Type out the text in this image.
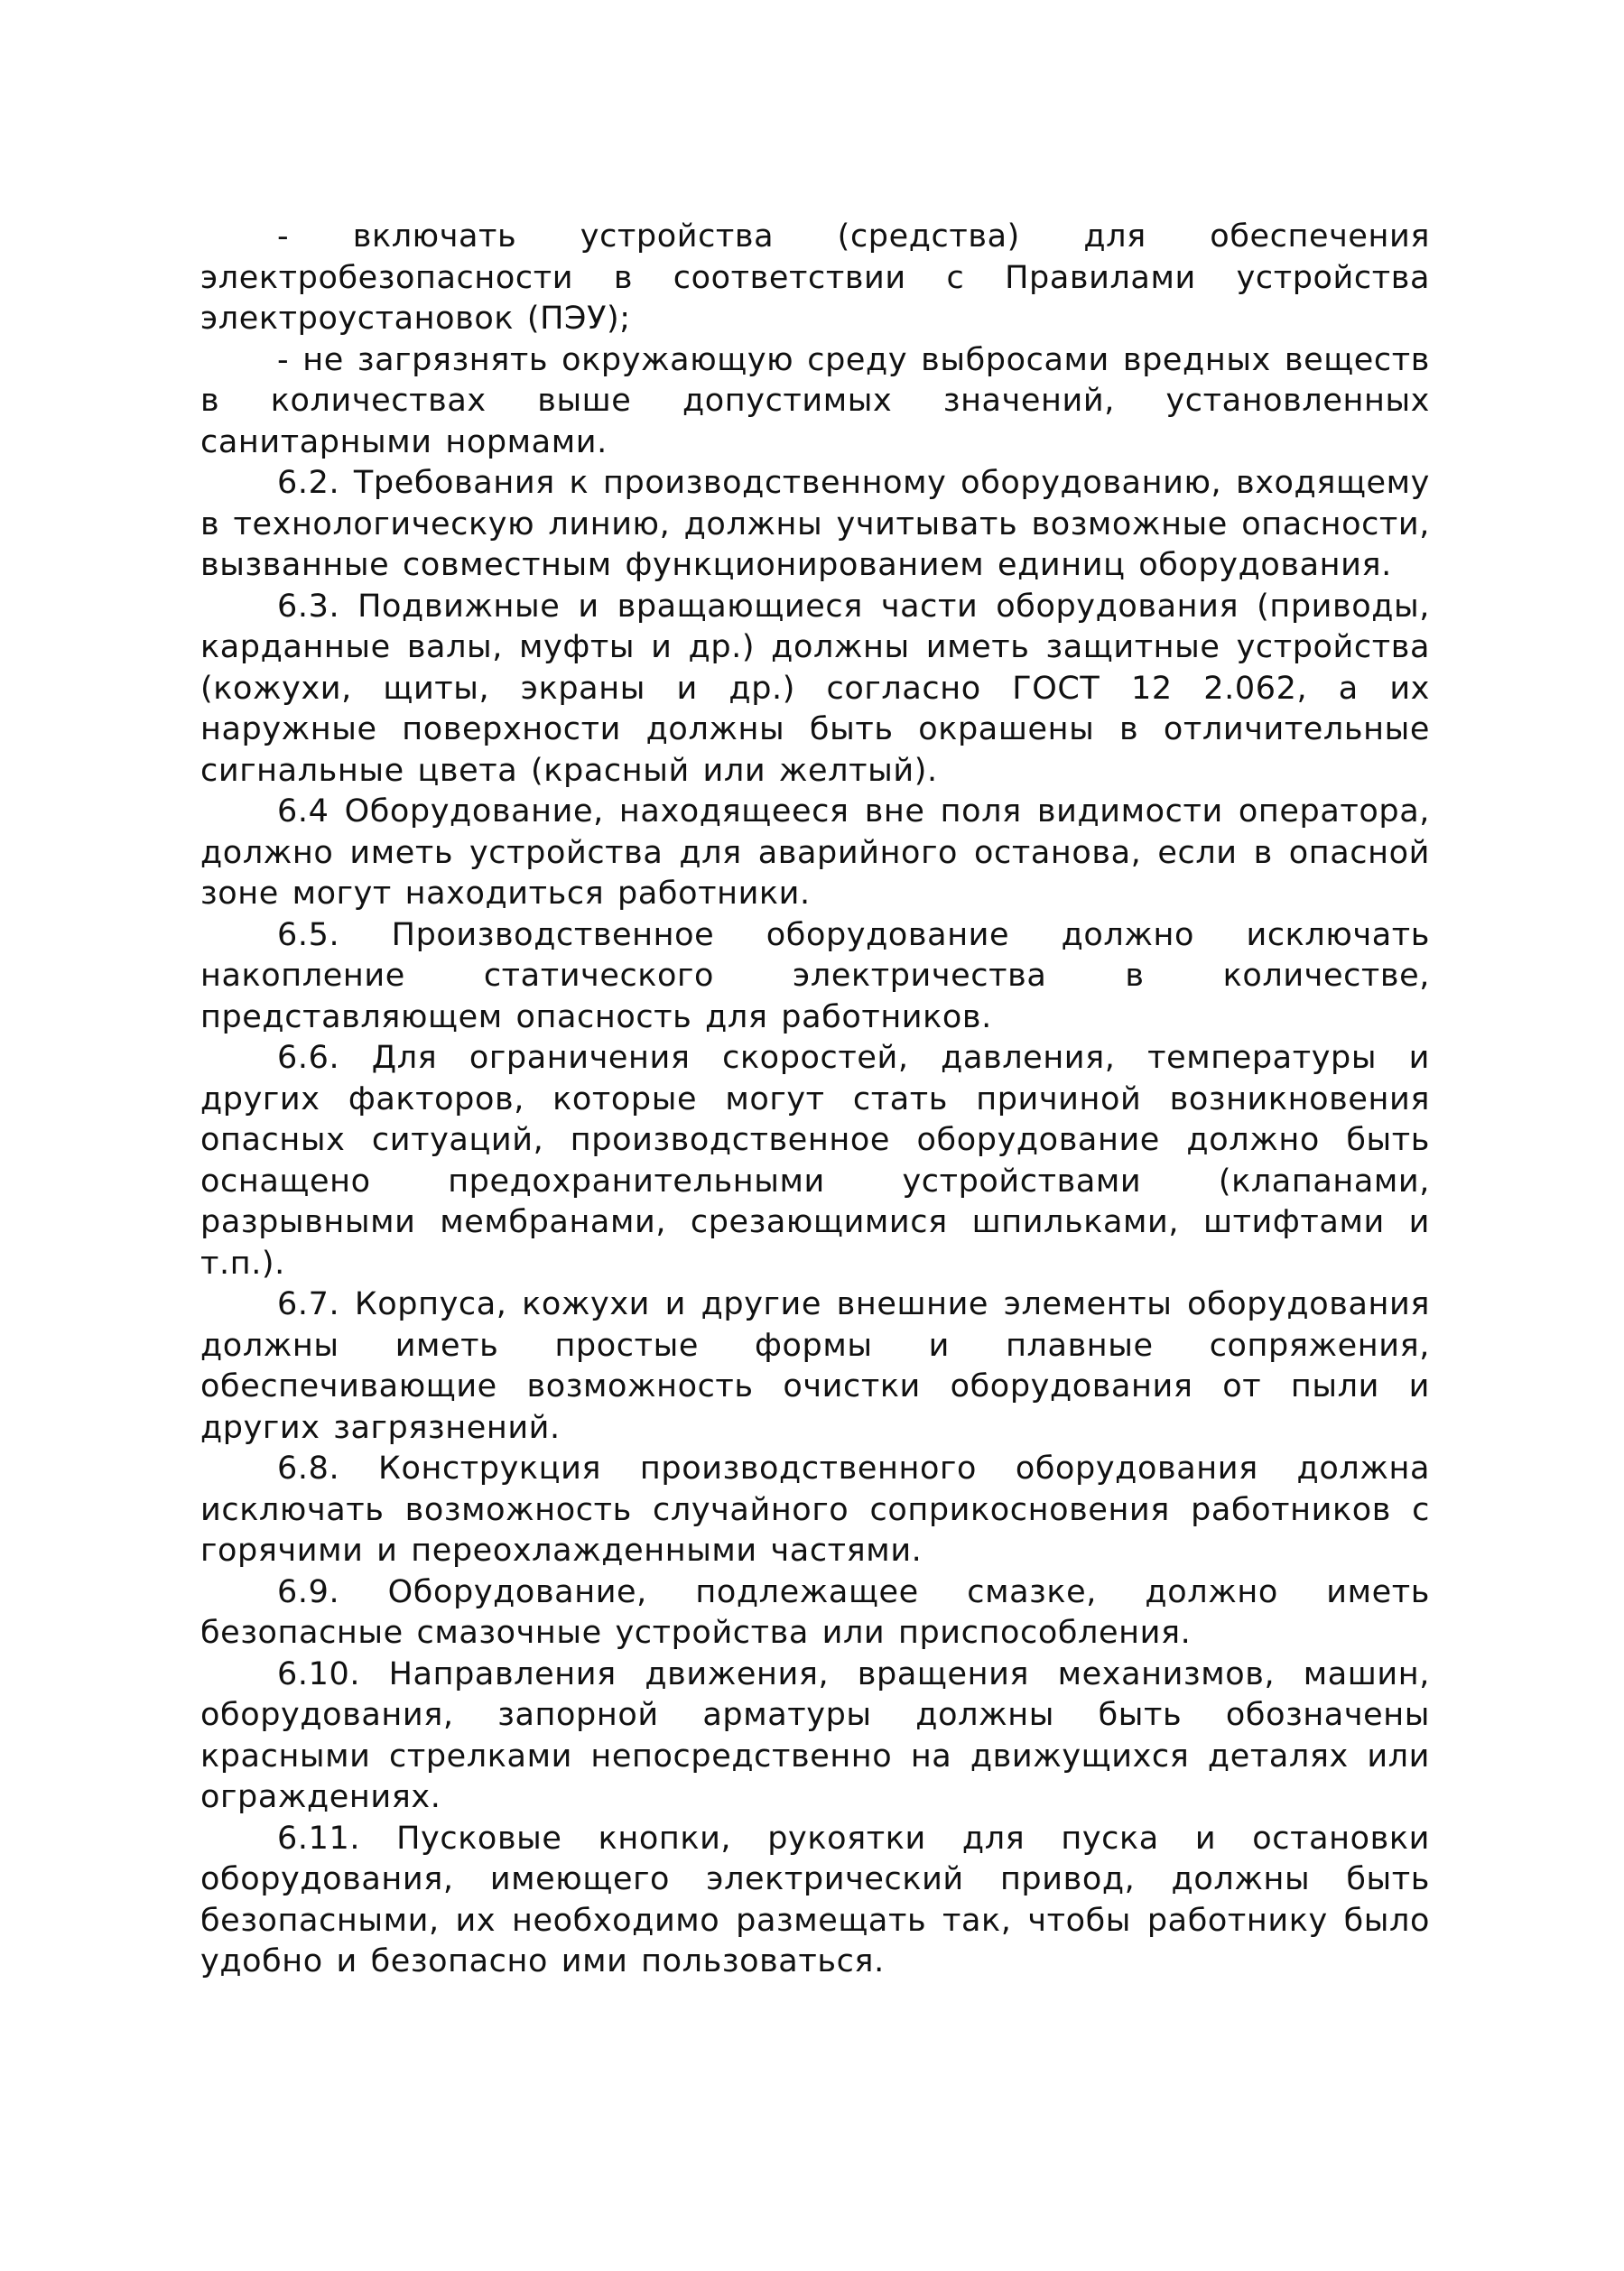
- включать устройства (средства) для обеспечения электробезопасности в соответствии с Правилами устройства электроустановок (ПЭУ);

- не загрязнять окружающую среду выбросами вредных веществ в количествах выше допустимых значений, установленных санитарными нормами.

6.2. Требования к производственному оборудованию, входящему в технологическую линию, должны учитывать возможные опасности, вызванные совместным функционированием единиц оборудования.

6.3. Подвижные и вращающиеся части оборудования (приводы, карданные валы, муфты и др.) должны иметь защитные устройства (кожухи, щиты, экраны и др.) согласно ГОСТ 12 2.062, а их наружные поверхности должны быть окрашены в отличительные сигнальные цвета (красный или желтый).

6.4 Оборудование, находящееся вне поля видимости оператора, должно иметь устройства для аварийного останова, если в опасной зоне могут находиться работники.

6.5. Производственное оборудование должно исключать накопление статического электричества в количестве, представляющем опасность для работников.

6.6. Для ограничения скоростей, давления, температуры и других факторов, которые могут стать причиной возникновения опасных ситуаций, производственное оборудование должно быть оснащено предохранительными устройствами (клапанами, разрывными мембранами, срезающимися шпильками, штифтами и т.п.).

6.7. Корпуса, кожухи и другие внешние элементы оборудования должны иметь простые формы и плавные сопряжения, обеспечивающие возможность очистки оборудования от пыли и других загрязнений.

6.8. Конструкция производственного оборудования должна исключать возможность случайного соприкосновения работников с горячими и переохлажденными частями.

6.9. Оборудование, подлежащее смазке, должно иметь безопасные смазочные устройства или приспособления.

6.10. Направления движения, вращения механизмов, машин, оборудования, запорной арматуры должны быть обозначены красными стрелками непосредственно на движущихся деталях или ограждениях.

6.11. Пусковые кнопки, рукоятки для пуска и остановки оборудования, имеющего электрический привод, должны быть безопасными, их необходимо размещать так, чтобы работнику было удобно и безопасно ими пользоваться.
